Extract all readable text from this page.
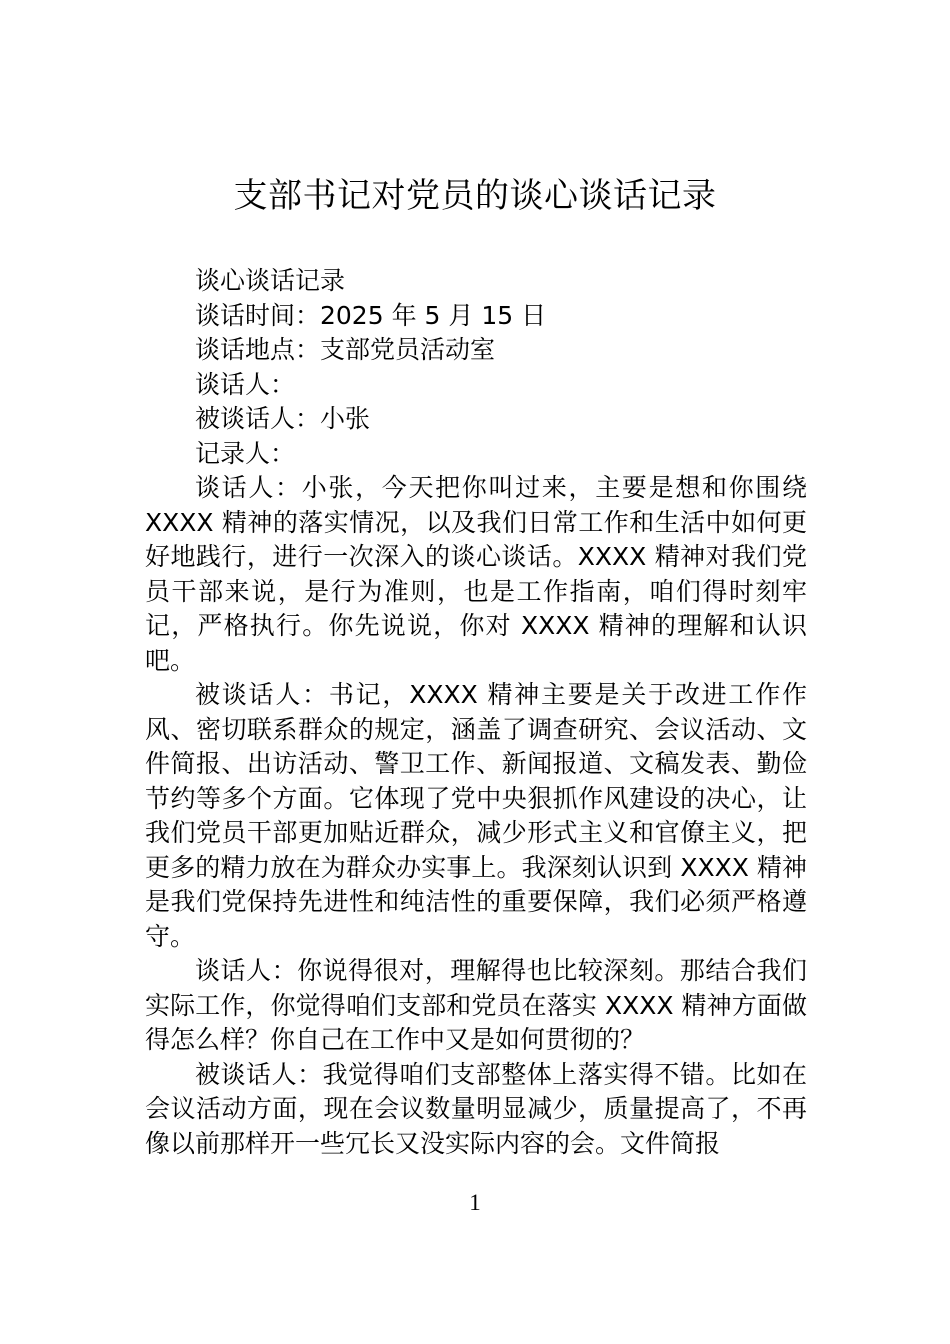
支部书记对党员的谈心谈话记录

谈心谈话记录

谈话时间：2025 年 5 月 15 日

谈话地点：支部党员活动室

谈话人：

被谈话人：小张

记录人：

谈话人：小张，今天把你叫过来，主要是想和你围绕 XXXX 精神的落实情况，以及我们日常工作和生活中如何更好地践行，进行一次深入的谈心谈话。XXXX 精神对我们党员干部来说，是行为准则，也是工作指南，咱们得时刻牢记，严格执行。你先说说，你对 XXXX 精神的理解和认识吧。

被谈话人：书记，XXXX 精神主要是关于改进工作作风、密切联系群众的规定，涵盖了调查研究、会议活动、文件简报、出访活动、警卫工作、新闻报道、文稿发表、勤俭节约等多个方面。它体现了党中央狠抓作风建设的决心，让我们党员干部更加贴近群众，减少形式主义和官僚主义，把更多的精力放在为群众办实事上。我深刻认识到 XXXX 精神是我们党保持先进性和纯洁性的重要保障，我们必须严格遵守。

谈话人：你说得很对，理解得也比较深刻。那结合我们实际工作，你觉得咱们支部和党员在落实 XXXX 精神方面做得怎么样？你自己在工作中又是如何贯彻的？

被谈话人：我觉得咱们支部整体上落实得不错。比如在会议活动方面，现在会议数量明显减少，质量提高了，不再像以前那样开一些冗长又没实际内容的会。文件简报

1
